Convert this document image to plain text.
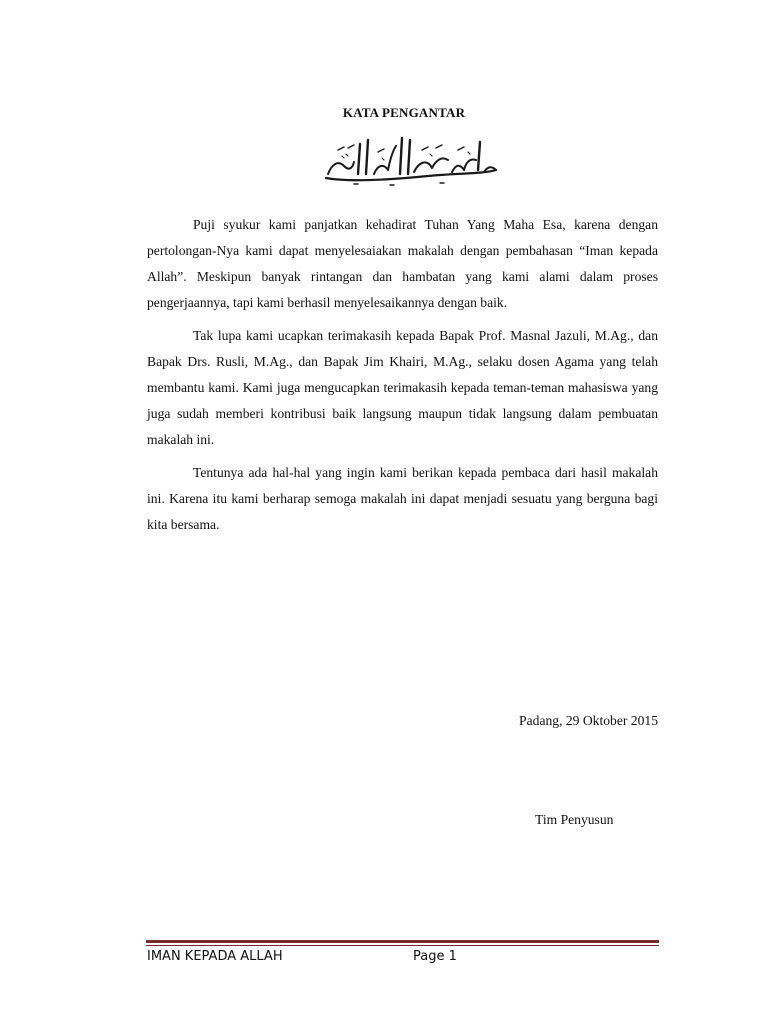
KATA PENGANTAR

Puji syukur kami panjatkan kehadirat Tuhan Yang Maha Esa, karena dengan pertolongan-Nya kami dapat menyelesaiakan makalah dengan pembahasan “Iman kepada Allah”. Meskipun banyak rintangan dan hambatan yang kami alami dalam proses pengerjaannya, tapi kami berhasil menyelesaikannya dengan baik.

Tak lupa kami ucapkan terimakasih kepada Bapak Prof. Masnal Jazuli, M.Ag., dan Bapak Drs. Rusli, M.Ag., dan Bapak Jim Khairi, M.Ag., selaku dosen Agama yang telah membantu kami. Kami juga mengucapkan terimakasih kepada teman-teman mahasiswa yang juga sudah memberi kontribusi baik langsung maupun tidak langsung dalam pembuatan makalah ini.

Tentunya ada hal-hal yang ingin kami berikan kepada pembaca dari hasil makalah ini. Karena itu kami berharap semoga makalah ini dapat menjadi sesuatu yang berguna bagi kita bersama.

Padang, 29 Oktober 2015
Tim Penyusun
IMAN KEPADA ALLAH	Page 1
